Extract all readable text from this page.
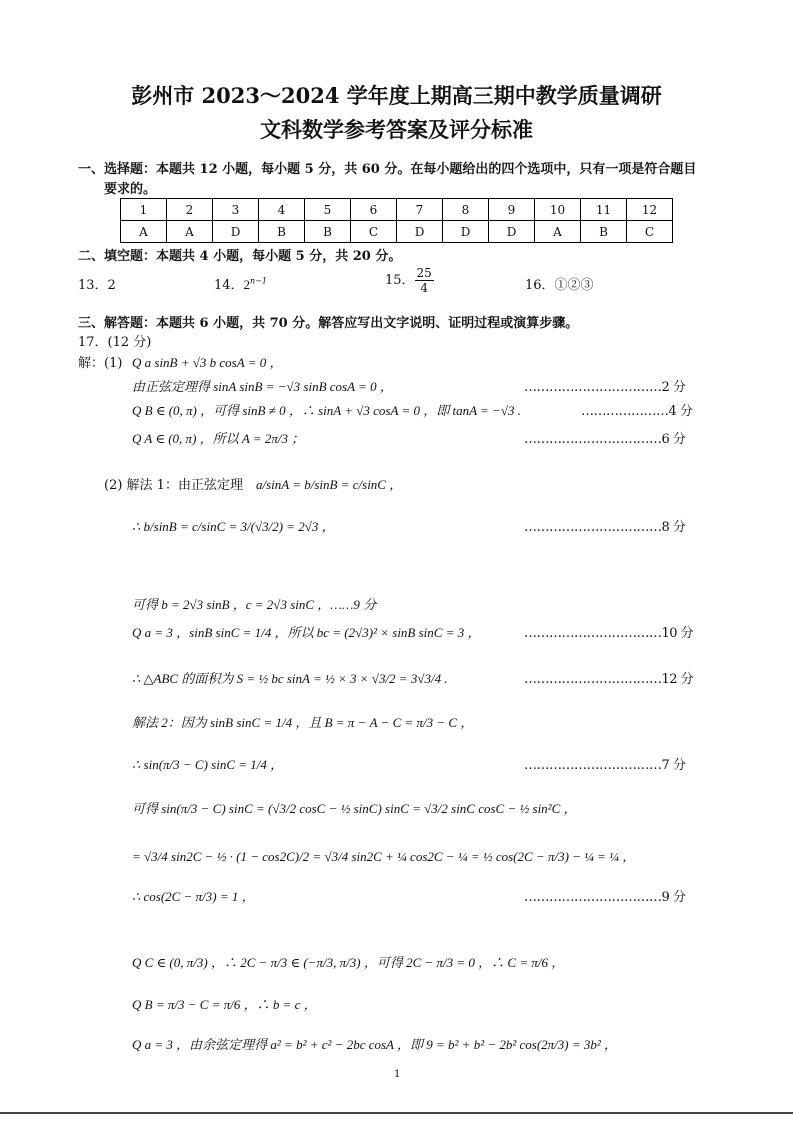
彭州市 2023～2024 学年度上期高三期中教学质量调研
文科数学参考答案及评分标准
一、选择题：本题共 12 小题，每小题 5 分，共 60 分。在每小题给出的四个选项中，只有一项是符合题目
要求的。
1	2	3	4	5	6	7	8	9	10	11	12
A	A	D	B	B	C	D	D	D	A	B	C
二、填空题：本题共 4 小题，每小题 5 分，共 20 分。
13．2	14．$2^{n-1}$	15． $\frac{25}{4}$	16．①②③
三、解答题：本题共 6 小题，共 70 分。解答应写出文字说明、证明过程或演算步骤。
17．(12 分)
解：(1) Q a sinB + √3 b cosA = 0 ，
由正弦定理得 sinA sinB = −√3 sinB cosA = 0 ，	……………………………2 分
Q B ∈ (0, π) ，可得 sinB ≠ 0 ，∴ sinA + √3 cosA = 0 ，即 tanA = −√3 .	…………………4 分
Q A ∈ (0, π) ，所以 A = 2π/3 ；	……………………………6 分
(2) 解法 1：由正弦定理 a/sinA = b/sinB = c/sinC ，
∴ b/sinB = c/sinC = 3/(√3/2) = 2√3 ，	……………………………8 分
可得 b = 2√3 sinB ，c = 2√3 sinC ，……9 分
Q a = 3 ，sinB sinC = 1/4 ，所以 bc = (2√3)² × sinB sinC = 3 ，	……………………………10 分
∴ △ABC 的面积为 S = ½ bc sinA = ½ × 3 × √3/2 = 3√3/4 .	……………………………12 分
解法 2：因为 sinB sinC = 1/4 ，且 B = π − A − C = π/3 − C ，
∴ sin(π/3 − C) sinC = 1/4 ，	……………………………7 分
可得 sin(π/3 − C) sinC = (√3/2 cosC − ½ sinC) sinC = √3/2 sinC cosC − ½ sin²C ，
= √3/4 sin2C − ½ · (1 − cos2C)/2 = √3/4 sin2C + ¼ cos2C − ¼ = ½ cos(2C − π/3) − ¼ = ¼ ，
∴ cos(2C − π/3) = 1 ，	……………………………9 分
Q C ∈ (0, π/3) ，∴ 2C − π/3 ∈ (−π/3, π/3) ，可得 2C − π/3 = 0 ，∴ C = π/6 ，
Q B = π/3 − C = π/6 ，∴ b = c ，
Q a = 3 ，由余弦定理得 a² = b² + c² − 2bc cosA ，即 9 = b² + b² − 2b² cos(2π/3) = 3b² ，
1
